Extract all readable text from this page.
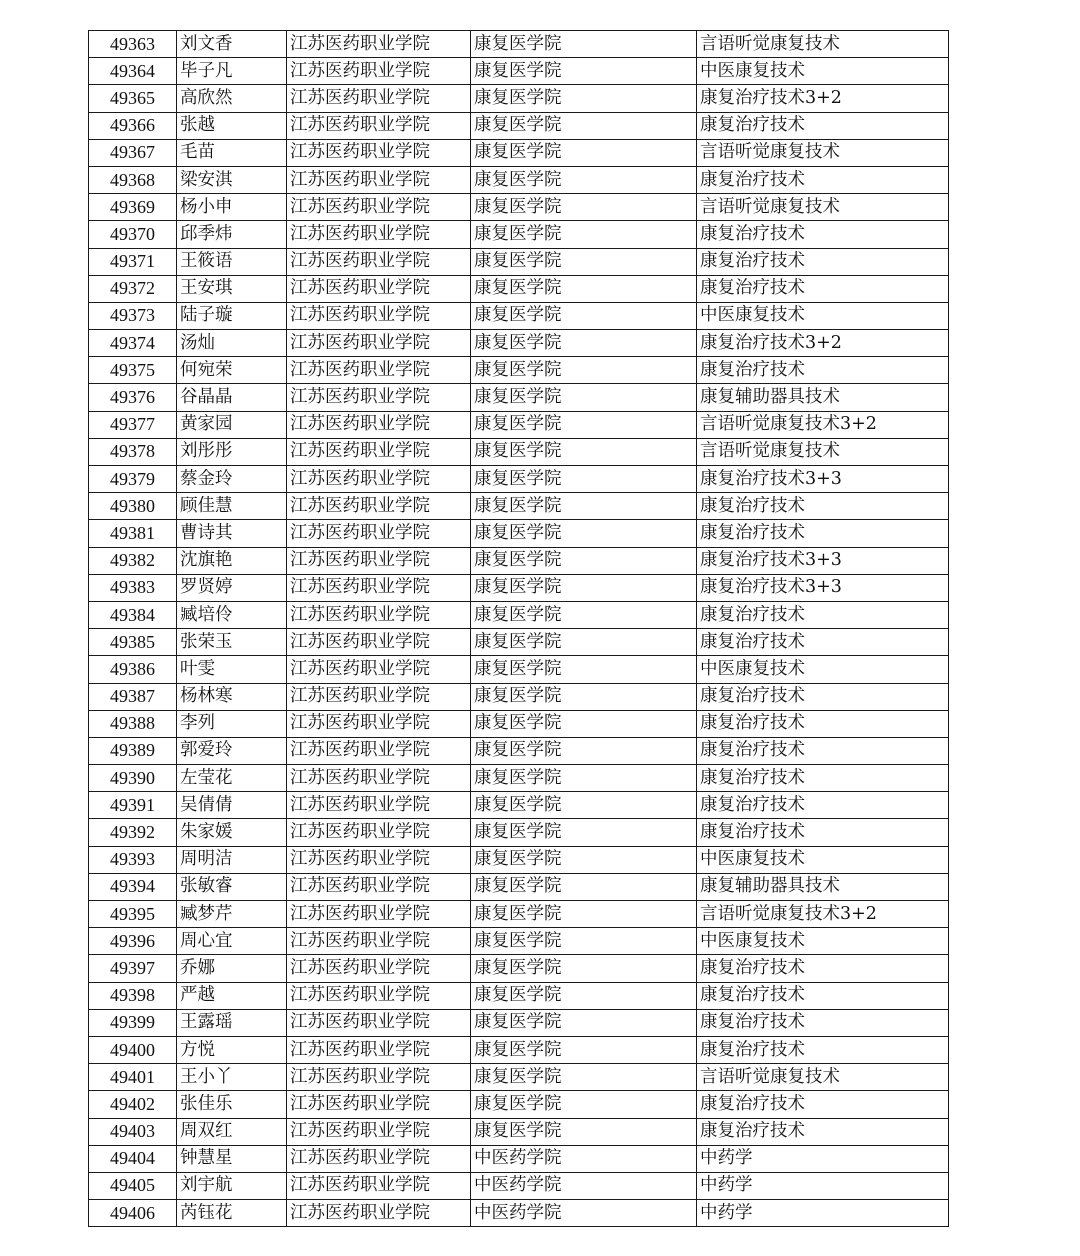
49363	刘文香	江苏医药职业学院	康复医学院	言语听觉康复技术
49364	毕子凡	江苏医药职业学院	康复医学院	中医康复技术
49365	高欣然	江苏医药职业学院	康复医学院	康复治疗技术3+2
49366	张越	江苏医药职业学院	康复医学院	康复治疗技术
49367	毛苗	江苏医药职业学院	康复医学院	言语听觉康复技术
49368	梁安淇	江苏医药职业学院	康复医学院	康复治疗技术
49369	杨小申	江苏医药职业学院	康复医学院	言语听觉康复技术
49370	邱季炜	江苏医药职业学院	康复医学院	康复治疗技术
49371	王筱语	江苏医药职业学院	康复医学院	康复治疗技术
49372	王安琪	江苏医药职业学院	康复医学院	康复治疗技术
49373	陆子璇	江苏医药职业学院	康复医学院	中医康复技术
49374	汤灿	江苏医药职业学院	康复医学院	康复治疗技术3+2
49375	何宛荣	江苏医药职业学院	康复医学院	康复治疗技术
49376	谷晶晶	江苏医药职业学院	康复医学院	康复辅助器具技术
49377	黄家园	江苏医药职业学院	康复医学院	言语听觉康复技术3+2
49378	刘彤彤	江苏医药职业学院	康复医学院	言语听觉康复技术
49379	蔡金玲	江苏医药职业学院	康复医学院	康复治疗技术3+3
49380	顾佳慧	江苏医药职业学院	康复医学院	康复治疗技术
49381	曹诗其	江苏医药职业学院	康复医学院	康复治疗技术
49382	沈旗艳	江苏医药职业学院	康复医学院	康复治疗技术3+3
49383	罗贤婷	江苏医药职业学院	康复医学院	康复治疗技术3+3
49384	臧培伶	江苏医药职业学院	康复医学院	康复治疗技术
49385	张荣玉	江苏医药职业学院	康复医学院	康复治疗技术
49386	叶雯	江苏医药职业学院	康复医学院	中医康复技术
49387	杨林寒	江苏医药职业学院	康复医学院	康复治疗技术
49388	李列	江苏医药职业学院	康复医学院	康复治疗技术
49389	郭爱玲	江苏医药职业学院	康复医学院	康复治疗技术
49390	左莹花	江苏医药职业学院	康复医学院	康复治疗技术
49391	吴倩倩	江苏医药职业学院	康复医学院	康复治疗技术
49392	朱家媛	江苏医药职业学院	康复医学院	康复治疗技术
49393	周明洁	江苏医药职业学院	康复医学院	中医康复技术
49394	张敏睿	江苏医药职业学院	康复医学院	康复辅助器具技术
49395	臧梦芹	江苏医药职业学院	康复医学院	言语听觉康复技术3+2
49396	周心宜	江苏医药职业学院	康复医学院	中医康复技术
49397	乔娜	江苏医药职业学院	康复医学院	康复治疗技术
49398	严越	江苏医药职业学院	康复医学院	康复治疗技术
49399	王露瑶	江苏医药职业学院	康复医学院	康复治疗技术
49400	方悦	江苏医药职业学院	康复医学院	康复治疗技术
49401	王小丫	江苏医药职业学院	康复医学院	言语听觉康复技术
49402	张佳乐	江苏医药职业学院	康复医学院	康复治疗技术
49403	周双红	江苏医药职业学院	康复医学院	康复治疗技术
49404	钟慧星	江苏医药职业学院	中医药学院	中药学
49405	刘宇航	江苏医药职业学院	中医药学院	中药学
49406	芮钰花	江苏医药职业学院	中医药学院	中药学
